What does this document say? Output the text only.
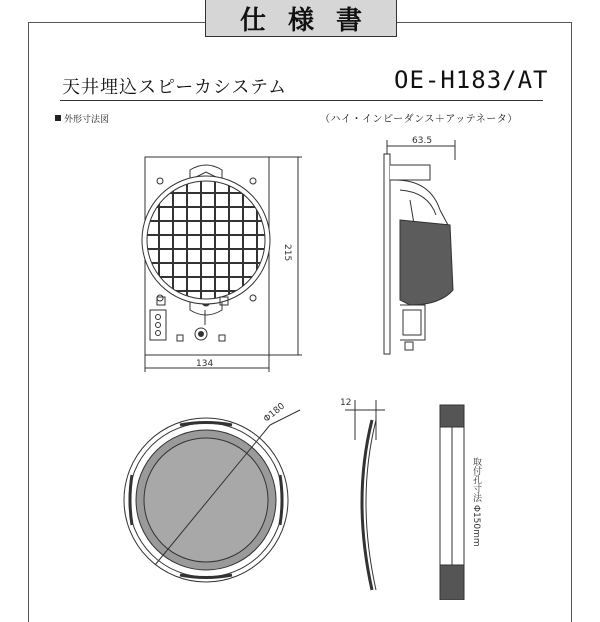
仕様書
天井埋込スピーカシステム	OE-H183/AT
外形寸法図	（ハイ・インピーダンス＋アッテネータ）
63.5
215
134
Φ180	12
取付孔寸法 Φ150mm
